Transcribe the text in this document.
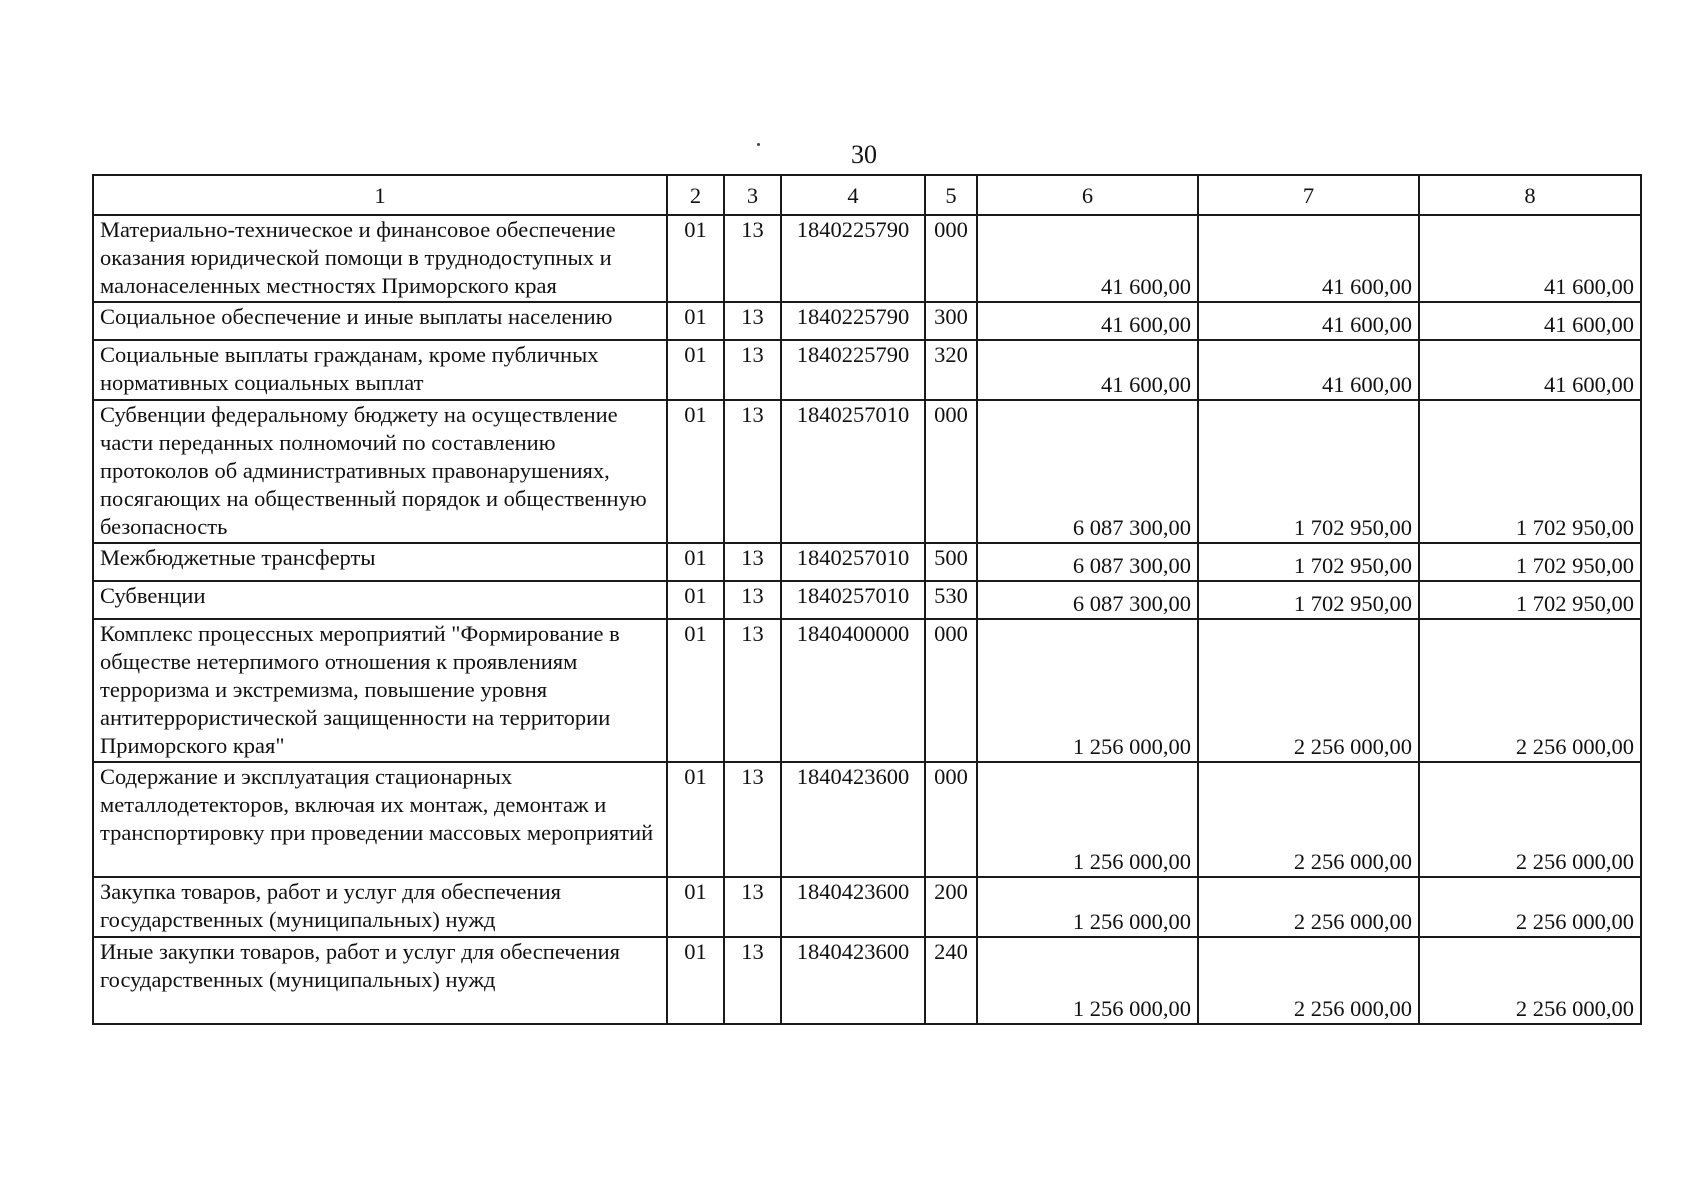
30
1	2	3	4	5	6	7	8
Материально-техническое и финансовое обеспечение оказания юридической помощи в труднодоступных и малонаселенных местностях Приморского края	01	13	1840225790	000	41 600,00	41 600,00	41 600,00
Социальное обеспечение и иные выплаты населению	01	13	1840225790	300	41 600,00	41 600,00	41 600,00
Социальные выплаты гражданам, кроме публичных нормативных социальных выплат	01	13	1840225790	320	41 600,00	41 600,00	41 600,00
Субвенции федеральному бюджету на осуществление части переданных полномочий по составлению протоколов об административных правонарушениях, посягающих на общественный порядок и общественную безопасность	01	13	1840257010	000	6 087 300,00	1 702 950,00	1 702 950,00
Межбюджетные трансферты	01	13	1840257010	500	6 087 300,00	1 702 950,00	1 702 950,00
Субвенции	01	13	1840257010	530	6 087 300,00	1 702 950,00	1 702 950,00
Комплекс процессных мероприятий "Формирование в обществе нетерпимого отношения к проявлениям терроризма и экстремизма, повышение уровня антитеррористической защищенности на территории Приморского края"	01	13	1840400000	000	1 256 000,00	2 256 000,00	2 256 000,00
Содержание и эксплуатация стационарных металлодетекторов, включая их монтаж, демонтаж и транспортировку при проведении массовых мероприятий	01	13	1840423600	000	1 256 000,00	2 256 000,00	2 256 000,00
Закупка товаров, работ и услуг для обеспечения государственных (муниципальных) нужд	01	13	1840423600	200	1 256 000,00	2 256 000,00	2 256 000,00
Иные закупки товаров, работ и услуг для обеспечения государственных (муниципальных) нужд	01	13	1840423600	240	1 256 000,00	2 256 000,00	2 256 000,00
